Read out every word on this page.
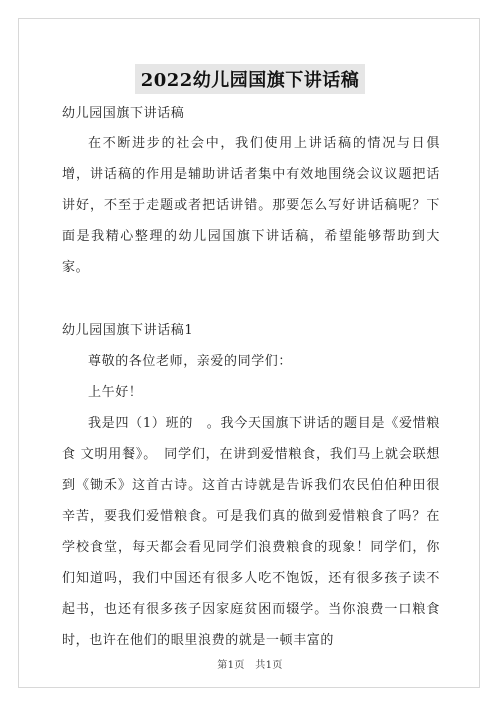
2022幼儿园国旗下讲话稿

幼儿园国旗下讲话稿

在不断进步的社会中，我们使用上讲话稿的情况与日俱增，讲话稿的作用是辅助讲话者集中有效地围绕会议议题把话讲好，不至于走题或者把话讲错。那要怎么写好讲话稿呢？下面是我精心整理的幼儿园国旗下讲话稿，希望能够帮助到大家。

幼儿园国旗下讲话稿1

尊敬的各位老师，亲爱的同学们：

上午好！

我是四（1）班的　。我今天国旗下讲话的题目是《爱惜粮食 文明用餐》。　同学们，在讲到爱惜粮食，我们马上就会联想到《锄禾》这首古诗。这首古诗就是告诉我们农民伯伯种田很辛苦，要我们爱惜粮食。可是我们真的做到爱惜粮食了吗？在学校食堂，每天都会看见同学们浪费粮食的现象！同学们，你们知道吗，我们中国还有很多人吃不饱饭，还有很多孩子读不起书，也还有很多孩子因家庭贫困而辍学。当你浪费一口粮食时，也许在他们的眼里浪费的就是一顿丰富的

第1页　共1页
